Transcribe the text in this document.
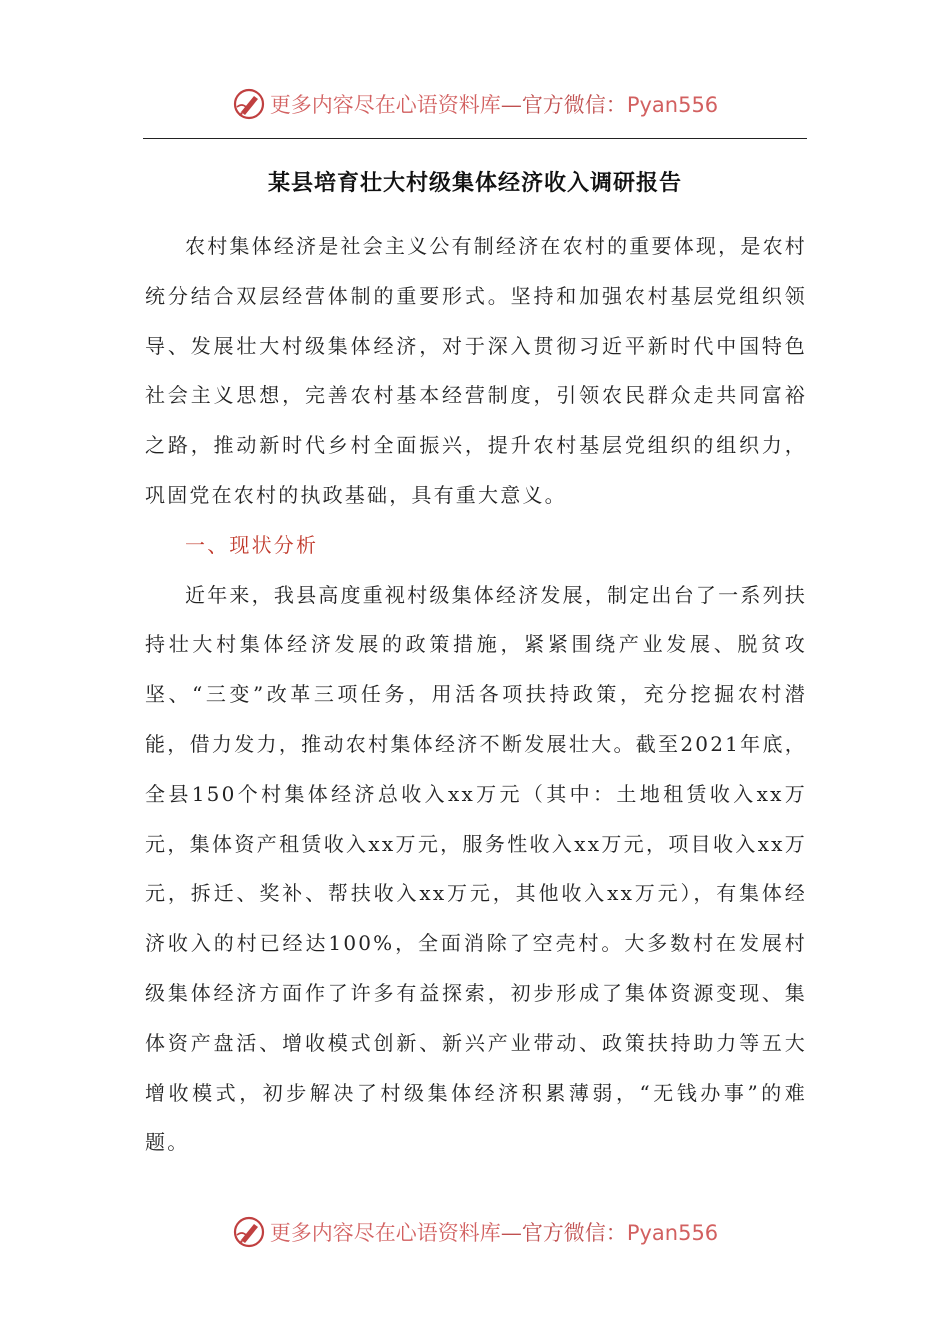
更多内容尽在心语资料库—官方微信：Pyan556
某县培育壮大村级集体经济收入调研报告

农村集体经济是社会主义公有制经济在农村的重要体现，是农村统分结合双层经营体制的重要形式。坚持和加强农村基层党组织领导、发展壮大村级集体经济，对于深入贯彻习近平新时代中国特色社会主义思想，完善农村基本经营制度，引领农民群众走共同富裕之路，推动新时代乡村全面振兴，提升农村基层党组织的组织力，巩固党在农村的执政基础，具有重大意义。

一、现状分析

近年来，我县高度重视村级集体经济发展，制定出台了一系列扶持壮大村集体经济发展的政策措施，紧紧围绕产业发展、脱贫攻坚、“三变”改革三项任务，用活各项扶持政策，充分挖掘农村潜能，借力发力，推动农村集体经济不断发展壮大。截至2021年底，全县150个村集体经济总收入xx万元（其中：土地租赁收入xx万元，集体资产租赁收入xx万元，服务性收入xx万元，项目收入xx万元，拆迁、奖补、帮扶收入xx万元，其他收入xx万元），有集体经济收入的村已经达100%，全面消除了空壳村。大多数村在发展村级集体经济方面作了许多有益探索，初步形成了集体资源变现、集体资产盘活、增收模式创新、新兴产业带动、政策扶持助力等五大增收模式，初步解决了村级集体经济积累薄弱，“无钱办事”的难题。

更多内容尽在心语资料库—官方微信：Pyan556
